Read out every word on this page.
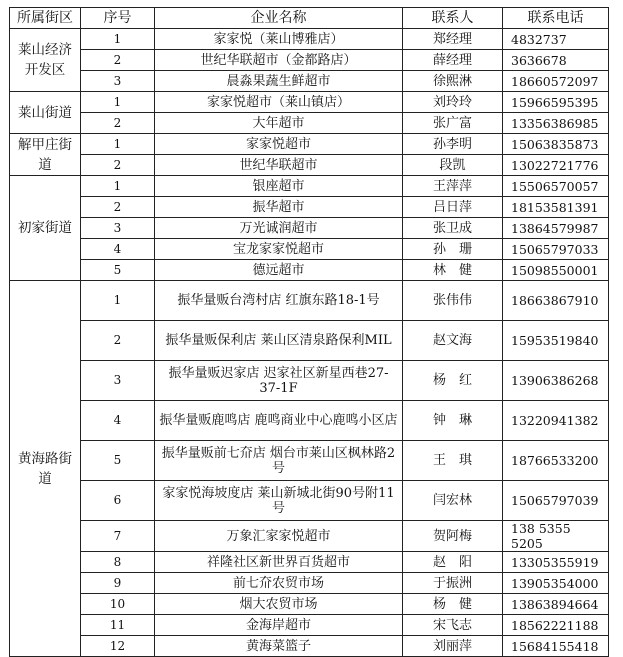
所属街区	序号	企业名称	联系人	联系电话
莱山经济开发区	1	家家悦（莱山博雅店）	郑经理	4832737
	2	世纪华联超市（金都路店）	薛经理	3636678
	3	晨淼果蔬生鲜超市	徐熙淋	18660572097
莱山街道	1	家家悦超市（莱山镇店）	刘玲玲	15966595395
	2	大年超市	张广富	13356386985
解甲庄街道	1	家家悦超市	孙李明	15063835873
	2	世纪华联超市	段凯	13022721776
初家街道	1	银座超市	王萍萍	15506570057
	2	振华超市	吕日萍	18153581391
	3	万光诚润超市	张卫成	13864579987
	4	宝龙家家悦超市	孙　珊	15065797033
	5	德远超市	林　健	15098550001
黄海路街道	1	振华量贩台湾村店 红旗东路18-1号	张伟伟	18663867910
	2	振华量贩保利店 莱山区清泉路保利MIL	赵文海	15953519840
	3	振华量贩迟家店 迟家社区新星西巷27-37-1F	杨　红	13906386268
	4	振华量贩鹿鸣店 鹿鸣商业中心鹿鸣小区店	钟　琳	13220941382
	5	振华量贩前七夼店 烟台市莱山区枫林路2号	王　琪	18766533200
	6	家家悦海坡度店 莱山新城北街90号附11号	闫宏林	15065797039
	7	万象汇家家悦超市	贺阿梅	138 5355 5205
	8	祥隆社区新世界百货超市	赵　阳	13305355919
	9	前七夼农贸市场	于振洲	13905354000
	10	烟大农贸市场	杨　健	13863894664
	11	金海岸超市	宋飞志	18562221188
	12	黄海菜篮子	刘丽萍	15684155418
